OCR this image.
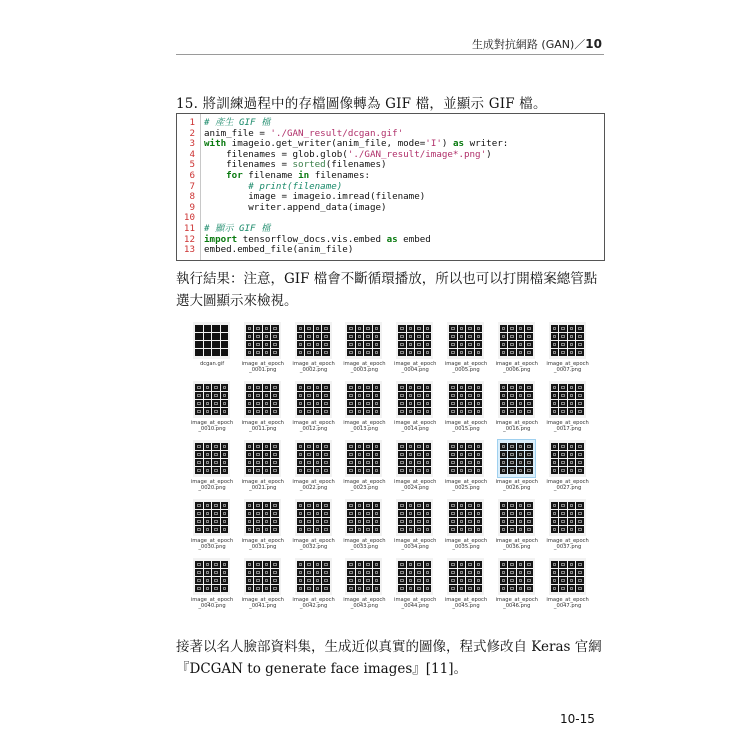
生成對抗網路 (GAN)／10
15. 將訓練過程中的存檔圖像轉為 GIF 檔，並顯示 GIF 檔。
1 # 產生 GIF 檔
2 anim_file = './GAN_result/dcgan.gif'
3 with imageio.get_writer(anim_file, mode='I') as writer:
4    filenames = glob.glob('./GAN_result/image*.png')
5    filenames = sorted(filenames)
6	for filename in filenames:
7	# print(filename)
8        image = imageio.imread(filename)
9        writer.append_data(image)
10
11 # 顯示 GIF 檔
12 import tensorflow_docs.vis.embed as embed
13 embed.embed_file(anim_file)
執行結果：注意，GIF 檔會不斷循環播放，所以也可以打開檔案總管點選大圖顯示來檢視。
dcgan.gif	image_at_epoch
_0001.png
image_at_epoch
_0002.png
image_at_epoch
_0003.png
image_at_epoch
_0004.png
image_at_epoch
_0005.png
image_at_epoch
_0006.png
image_at_epoch
_0007.png
image_at_epoch
_0010.png
image_at_epoch
_0011.png
image_at_epoch
_0012.png
image_at_epoch
_0013.png
image_at_epoch
_0014.png
image_at_epoch
_0015.png
image_at_epoch
_0016.png
image_at_epoch
_0017.png
image_at_epoch
_0020.png
image_at_epoch
_0021.png
image_at_epoch
_0022.png
image_at_epoch
_0023.png
image_at_epoch
_0024.png
image_at_epoch
_0025.png
image_at_epoch
_0026.png
image_at_epoch
_0027.png
image_at_epoch
_0030.png
image_at_epoch
_0031.png
image_at_epoch
_0032.png
image_at_epoch
_0033.png
image_at_epoch
_0034.png
image_at_epoch
_0035.png
image_at_epoch
_0036.png
image_at_epoch
_0037.png
image_at_epoch
_0040.png
image_at_epoch
_0041.png
image_at_epoch
_0042.png
image_at_epoch
_0043.png
image_at_epoch
_0044.png
image_at_epoch
_0045.png
image_at_epoch
_0046.png
image_at_epoch
_0047.png
接著以名人臉部資料集，生成近似真實的圖像，程式修改自 Keras 官網『DCGAN to generate face images』[11]。
10-15
